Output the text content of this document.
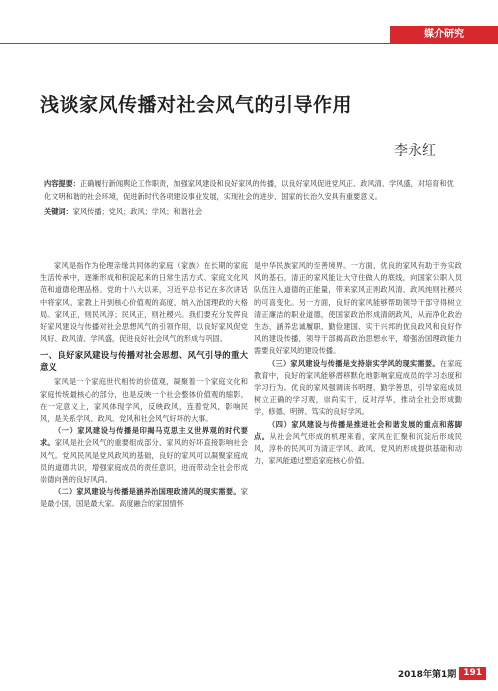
媒介研究
浅谈家风传播对社会风气的引导作用
李永红
内容提要：正确履行新闻舆论工作职责，加强家风建设和良好家风的传播，以良好家风促进党风正、政风清、学风盛，对培育和优化文明和谐的社会环境，促进新时代各项建设事业发展，实现社会的进步、国家的长治久安具有重要意义。
关键词：家风传播；党风；政风；学风；和谐社会

家风是指作为伦理亲缘共同体的家庭（家族）在长期的家庭生活传承中，逐渐形成和积淀起来的日常生活方式、家庭文化风范和道德伦理品格。党的十八大以来，习近平总书记在多次讲话中将家风、家教上升到核心价值观的高度，纳入治国理政的大格局。家风正，则民风淳；民风正，则社稷兴。我们要充分发挥良好家风建设与传播对社会思想风气的引领作用，以良好家风促党风好、政风清、学风盛，促进良好社会风气的形成与巩固。

一、良好家风建设与传播对社会思想、风气引导的重大意义

家风是一个家庭世代相传的价值观，凝聚着一个家庭文化和家庭传统最核心的部分，也是反映一个社会整体价值观的缩影，在一定意义上，家风体现学风，反映政风，连着党风，影响民风，是关系学风、政风、党风和社会风气好坏的大事。

（一）家风建设与传播是印揭马克思主义世界观的时代要求。家风是社会风气的重要组成部分，家风的好坏直接影响社会风气。党风民风是党风政风的基础，良好的家风可以凝聚家庭成员的道德共识，增强家庭成员的责任意识，进而带动全社会形成崇德向善的良好风尚。

（二）家风建设与传播是涵养治国理政清风的现实需要。家是最小国，国是最大家。高度融合的家国情怀

是中华民族家风的至善境界。一方面，优良的家风有助于夯实政风的基石，清正的家风能让大守住做人的底线，向国家公职人员队伍注入道德的正能量，带来家风正则政风清、政风纯则社稷兴的可喜变化。另一方面，良好的家风能够帮助领导干部守得树立清正廉洁的职业道德，使国家政治形成清朗政风，从而净化政治生态，涵养忠诚履职、勤俭建国、实干兴邦的优良政风和良好作风的建设传播，领导干部揭高政治思想水平，增强治国理政能力需要良好家风的建设传播。

（三）家风建设与传播是支持崇实学风的现实需要。在家庭教育中，良好的家风能够潜移默化地影响家庭成员的学习态度和学习行为。优良的家风强调读书明理、勤学善思，引导家庭成员树立正确的学习观，崇尚实干，反对浮华，推动全社会形成勤学、修德、明辨、笃实的良好学风。

（四）家风建设与传播是推进社会和谐发展的重点和落脚点。从社会风气形成的机理来看，家风在汇聚和沉淀后形成民风，淳朴的民风可为清正学风、政风、党风的形成提供基础和动力，家风能通过塑造家庭核心价值。

2018年第1期 191
